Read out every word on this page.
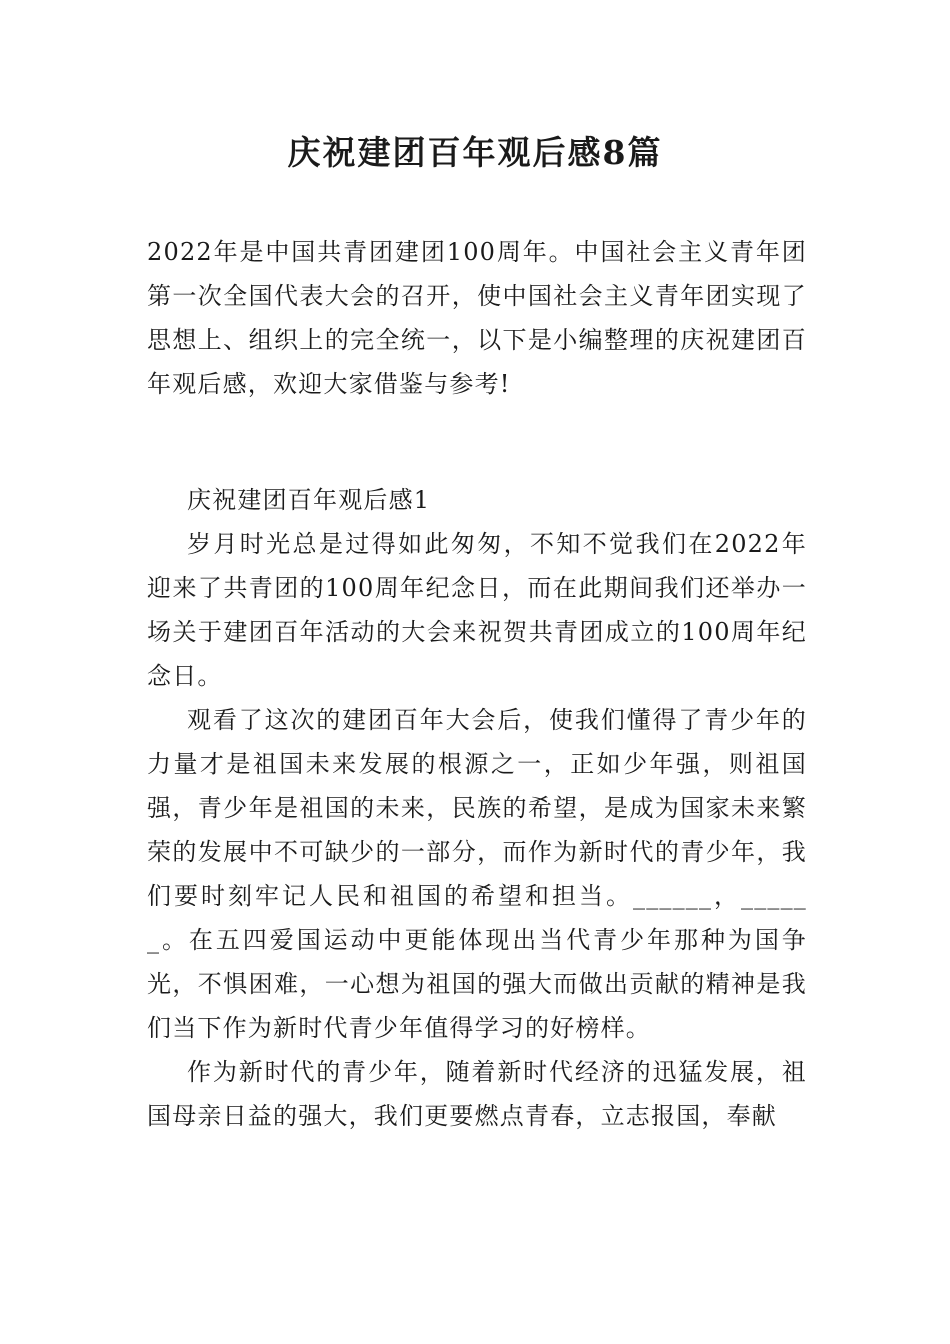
庆祝建团百年观后感8篇

2022年是中国共青团建团100周年。中国社会主义青年团第一次全国代表大会的召开，使中国社会主义青年团实现了思想上、组织上的完全统一，以下是小编整理的庆祝建团百年观后感，欢迎大家借鉴与参考!

庆祝建团百年观后感1

岁月时光总是过得如此匆匆，不知不觉我们在2022年迎来了共青团的100周年纪念日，而在此期间我们还举办一场关于建团百年活动的大会来祝贺共青团成立的100周年纪念日。

观看了这次的建团百年大会后，使我们懂得了青少年的力量才是祖国未来发展的根源之一，正如少年强，则祖国强，青少年是祖国的未来，民族的希望，是成为国家未来繁荣的发展中不可缺少的一部分，而作为新时代的青少年，我们要时刻牢记人民和祖国的希望和担当。______，______。在五四爱国运动中更能体现出当代青少年那种为国争光，不惧困难，一心想为祖国的强大而做出贡献的精神是我们当下作为新时代青少年值得学习的好榜样。

作为新时代的青少年，随着新时代经济的迅猛发展，祖国母亲日益的强大，我们更要燃点青春，立志报国，奉献
